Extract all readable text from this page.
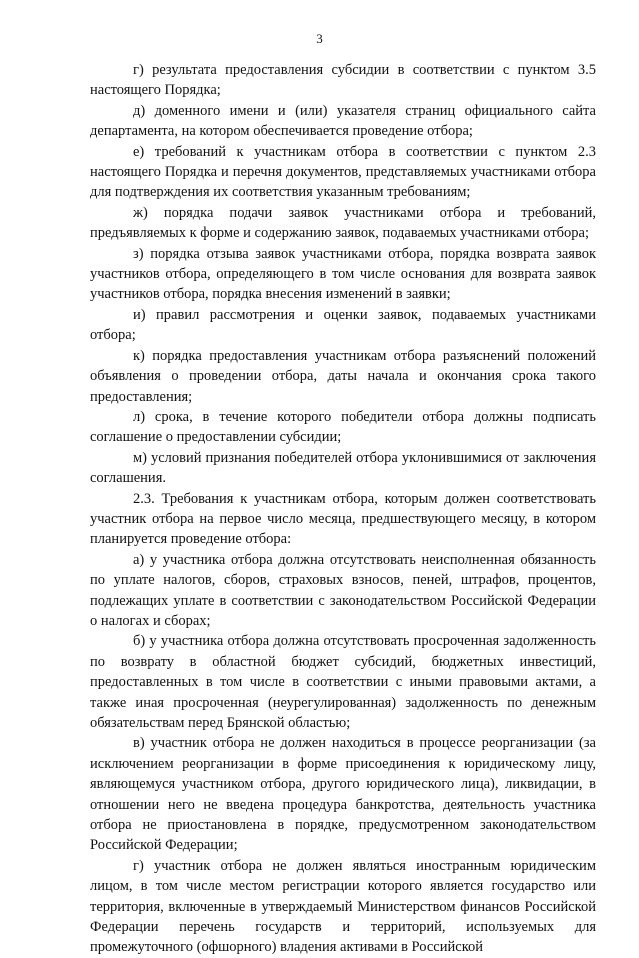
3

г) результата предоставления субсидии в соответствии с пунктом 3.5 настоящего Порядка;

д) доменного имени и (или) указателя страниц официального сайта департамента, на котором обеспечивается проведение отбора;

е) требований к участникам отбора в соответствии с пунктом 2.3 настоящего Порядка и перечня документов, представляемых участниками отбора для подтверждения их соответствия указанным требованиям;

ж) порядка подачи заявок участниками отбора и требований, предъявляемых к форме и содержанию заявок, подаваемых участниками отбора;

з) порядка отзыва заявок участниками отбора, порядка возврата заявок участников отбора, определяющего в том числе основания для возврата заявок участников отбора, порядка внесения изменений в заявки;

и) правил рассмотрения и оценки заявок, подаваемых участниками отбора;

к) порядка предоставления участникам отбора разъяснений положений объявления о проведении отбора, даты начала и окончания срока такого предоставления;

л) срока, в течение которого победители отбора должны подписать соглашение о предоставлении субсидии;

м) условий признания победителей отбора уклонившимися от заключения соглашения.

2.3. Требования к участникам отбора, которым должен соответствовать участник отбора на первое число месяца, предшествующего месяцу, в котором планируется проведение отбора:

а) у участника отбора должна отсутствовать неисполненная обязанность по уплате налогов, сборов, страховых взносов, пеней, штрафов, процентов, подлежащих уплате в соответствии с законодательством Российской Федерации о налогах и сборах;

б) у участника отбора должна отсутствовать просроченная задолженность по возврату в областной бюджет субсидий, бюджетных инвестиций, предоставленных в том числе в соответствии с иными правовыми актами, а также иная просроченная (неурегулированная) задолженность по денежным обязательствам перед Брянской областью;

в) участник отбора не должен находиться в процессе реорганизации (за исключением реорганизации в форме присоединения к юридическому лицу, являющемуся участником отбора, другого юридического лица), ликвидации, в отношении него не введена процедура банкротства, деятельность участника отбора не приостановлена в порядке, предусмотренном законодательством Российской Федерации;

г) участник отбора не должен являться иностранным юридическим лицом, в том числе местом регистрации которого является государство или территория, включенные в утверждаемый Министерством финансов Российской Федерации перечень государств и территорий, используемых для промежуточного (офшорного) владения активами в Российской
